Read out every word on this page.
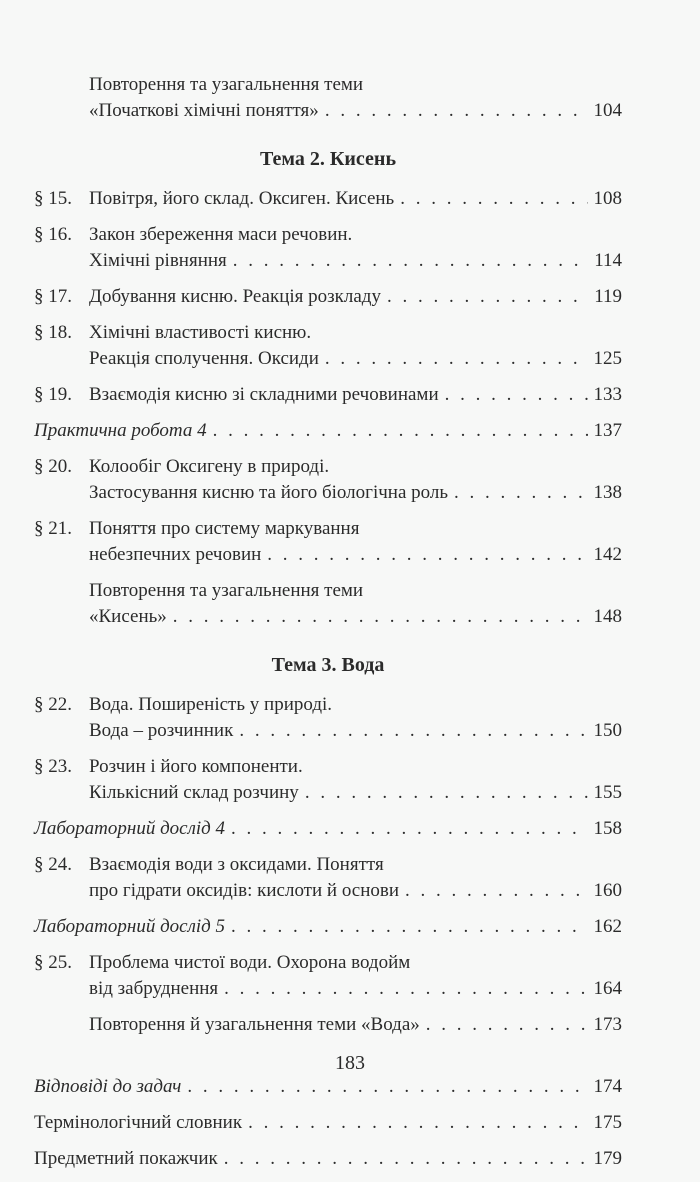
Повторення та узагальнення теми
«Початкові хімічні поняття» . . .	104
Тема 2. Кисень
§ 15. Повітря, його склад. Оксиген. Кисень . . .	108
§ 16. Закон збереження маси речовин.
Хімічні рівняння . . .	114
§ 17. Добування кисню. Реакція розкладу . . .	119
§ 18. Хімічні властивості кисню.
Реакція сполучення. Оксиди . . .	125
§ 19. Взаємодія кисню зі складними речовинами . . .	133
Практична робота 4 . . .	137
§ 20. Колообіг Оксигену в природі.
Застосування кисню та його біологічна роль . . .	138
§ 21. Поняття про систему маркування
небезпечних речовин . . .	142
Повторення та узагальнення теми
«Кисень» . . .	148
Тема 3. Вода
§ 22. Вода. Поширеність у природі.
Вода – розчинник . . .	150
§ 23. Розчин і його компоненти.
Кількісний склад розчину . . .	155
Лабораторний дослід 4 . . .	158
§ 24. Взаємодія води з оксидами. Поняття
про гідрати оксидів: кислоти й основи . . .	160
Лабораторний дослід 5 . . .	162
§ 25. Проблема чистої води. Охорона водойм
від забруднення . . .	164
Повторення й узагальнення теми «Вода» . . .	173
Відповіді до задач . . .	174
Термінологічний словник . . .	175
Предметний покажчик . . .	179
183
